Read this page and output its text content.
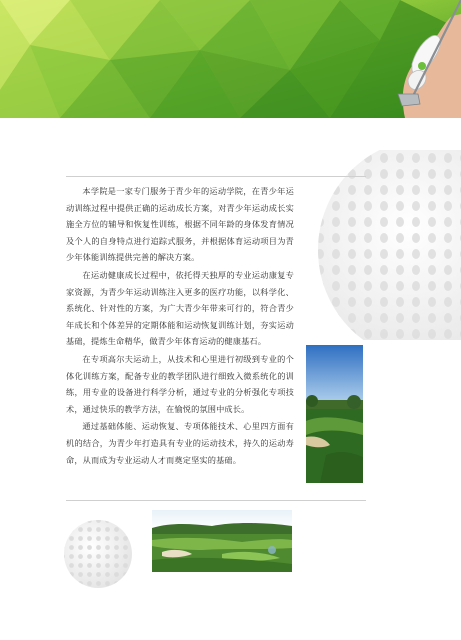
本学院是一家专门服务于青少年的运动学院，在青少年运动训练过程中提供正确的运动成长方案，对青少年运动成长实施全方位的辅导和恢复性训练，根据不同年龄的身体发育情况及个人的自身特点进行追踪式服务，并根据体育运动项目为青少年体能训练提供完善的解决方案。

在运动健康成长过程中，依托得天独厚的专业运动康复专家资源，为青少年运动训练注入更多的医疗功能，以科学化、系统化、针对性的方案，为广大青少年带来可行的，符合青少年成长和个体差异的定期体能和运动恢复训练计划，夯实运动基础，提炼生命精华，做青少年体育运动的健康基石。

在专项高尔夫运动上，从技术和心里进行初级到专业的个体化训练方案，配备专业的教学团队进行细致入微系统化的训练，用专业的设备进行科学分析，通过专业的分析强化专项技术，通过快乐的教学方法，在愉悦的氛围中成长。

通过基础体能、运动恢复、专项体能技术、心里四方面有机的结合，为青少年打造具有专业的运动技术，持久的运动寿命，从而成为专业运动人才而奠定坚实的基础。
